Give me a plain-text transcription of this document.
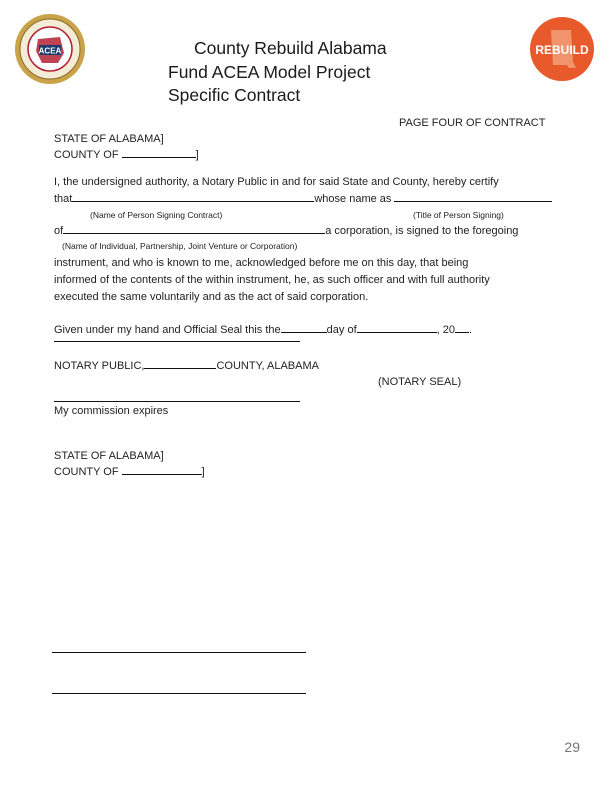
ACEA	County Rebuild Alabama
Fund ACEA Model Project
Specific Contract
REBUILD
PAGE FOUR OF CONTRACT
STATE OF ALABAMA]
COUNTY OF	]
I, the undersigned authority, a Notary Public in and for said State and County, hereby certify
that	whose name as
(Name of Person Signing Contract)	(Title of Person Signing)
of	a corporation, is signed to the foregoing
(Name of Individual, Partnership, Joint Venture or Corporation)
instrument, and who is known to me, acknowledged before me on this day, that being
informed of the contents of the within instrument, he, as such officer and with full authority
executed the same voluntarily and as the act of said corporation.
Given under my hand and Official Seal this the	day of	, 20 .
NOTARY PUBLIC,	COUNTY, ALABAMA
(NOTARY SEAL)
My commission expires
STATE OF ALABAMA]
COUNTY OF	]
29
